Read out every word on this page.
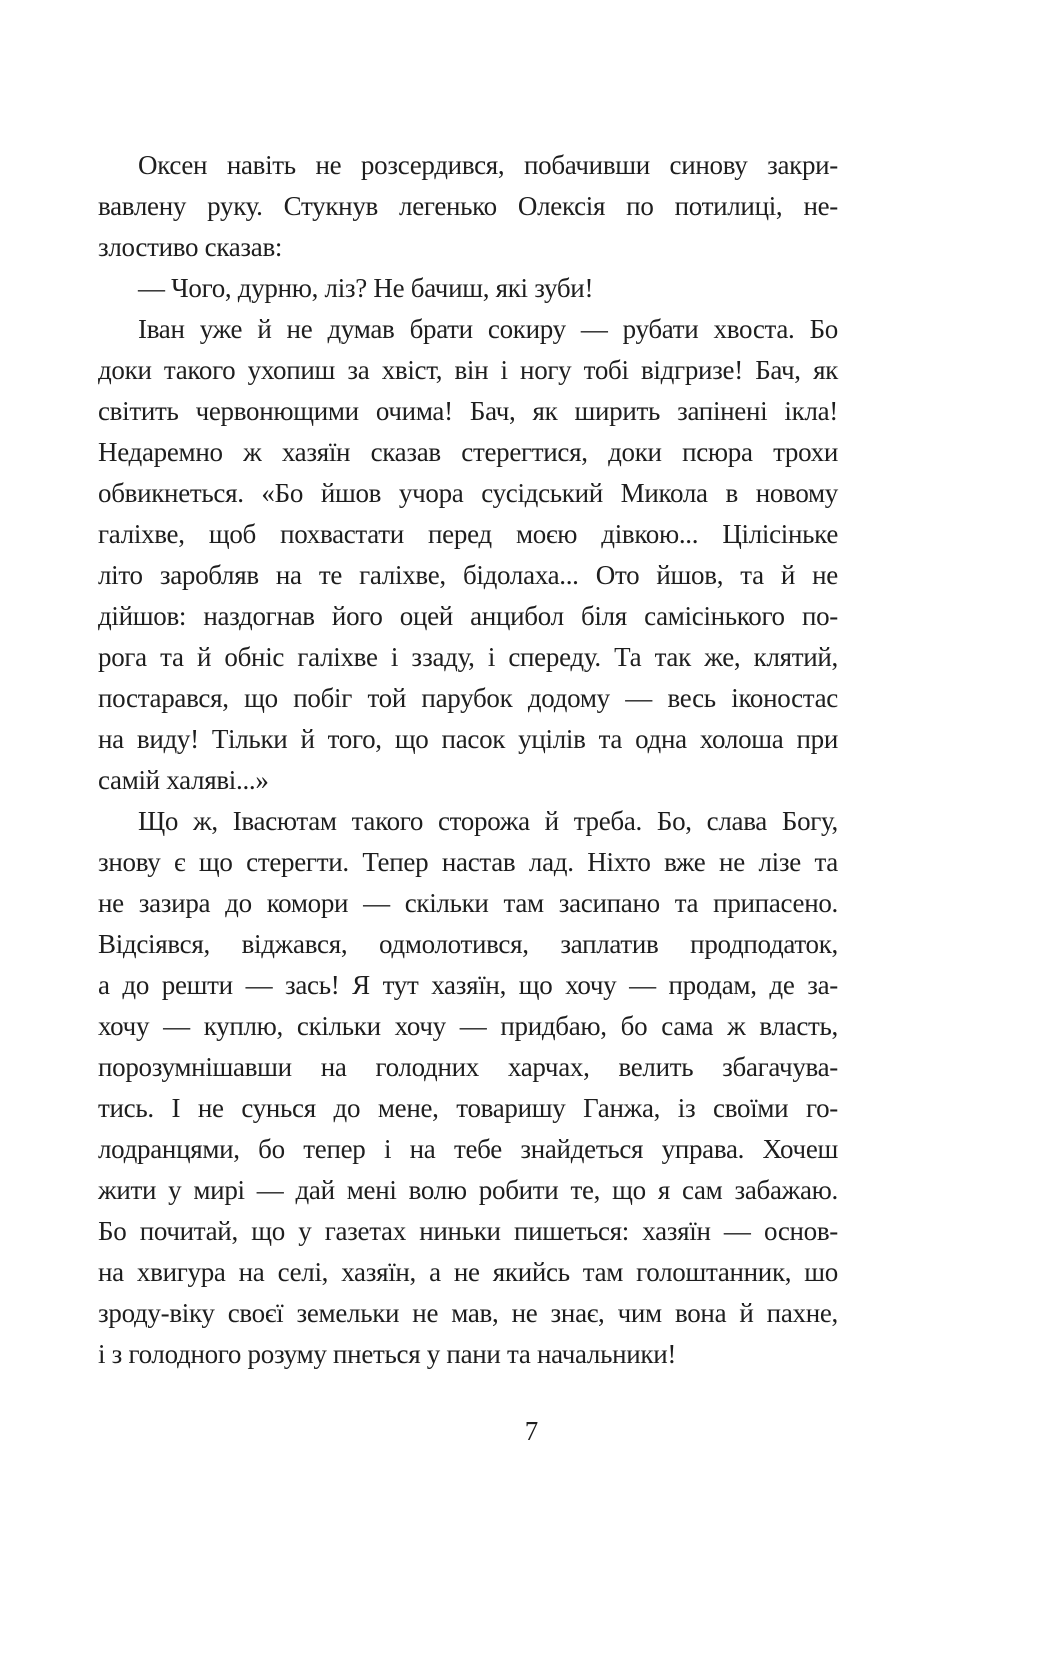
Оксен навіть не розсердився, побачивши синову закри-
вавлену руку. Стукнув легенько Олексія по потилиці, не-
злостиво сказав:
— Чого, дурню, ліз? Не бачиш, які зуби!
Іван уже й не думав брати сокиру — рубати хвоста. Бо
доки такого ухопиш за хвіст, він і ногу тобі відгризе! Бач, як
світить червонющими очима! Бач, як ширить запінені ікла!
Недаремно ж хазяїн сказав стерегтися, доки псюра трохи
обвикнеться. «Бо йшов учора сусідський Микола в новому
галіхве, щоб похвастати перед моєю дівкою... Цілісіньке
літо заробляв на те галіхве, бідолаха... Ото йшов, та й не
дійшов: наздогнав його оцей анцибол біля самісінького по-
рога та й обніс галіхве і ззаду, і спереду. Та так же, клятий,
постарався, що побіг той парубок додому — весь іконостас
на виду! Тільки й того, що пасок уцілів та одна холоша при
самій халяві...»
Що ж, Івасютам такого сторожа й треба. Бо, слава Богу,
знову є що стерегти. Тепер настав лад. Ніхто вже не лізе та
не зазира до комори — скільки там засипано та припасено.
Відсіявся, віджався, одмолотився, заплатив продподаток,
а до решти — зась! Я тут хазяїн, що хочу — продам, де за-
хочу — куплю, скільки хочу — придбаю, бо сама ж власть,
порозумнішавши на голодних харчах, велить збагачува-
тись. І не сунься до мене, товаришу Ганжа, із своїми го-
лодранцями, бо тепер і на тебе знайдеться управа. Хочеш
жити у мирі — дай мені волю робити те, що я сам забажаю.
Бо почитай, що у газетах ниньки пишеться: хазяїн — основ-
на хвигура на селі, хазяїн, а не якийсь там голоштанник, шо
зроду-віку своєї земельки не мав, не знає, чим вона й пахне,
і з голодного розуму пнеться у пани та начальники!
7
